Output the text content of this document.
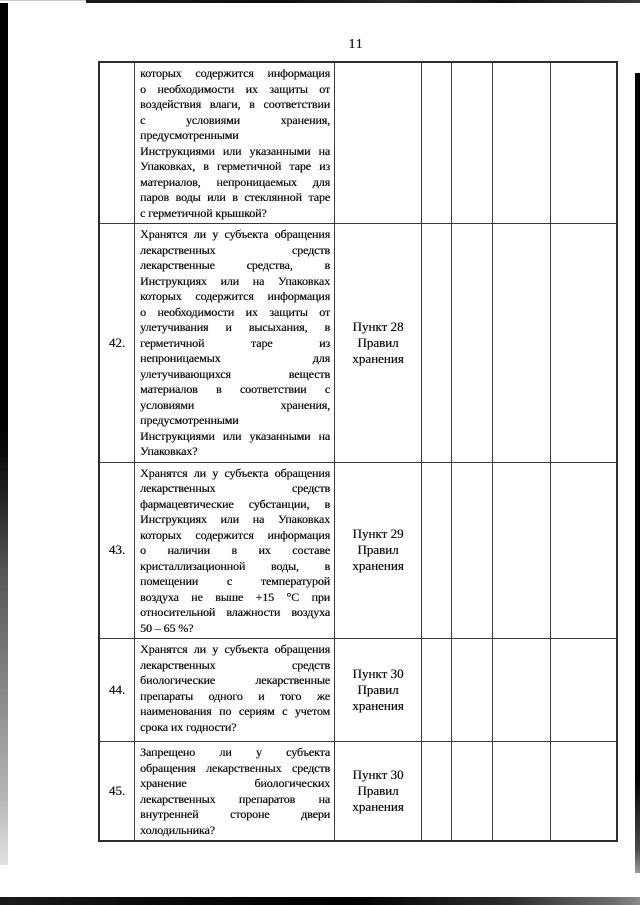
11
которых содержится информация
о необходимости их защиты от
воздействия влаги, в соответствии
с условиями хранения,
предусмотренными
Инструкциями или указанными на
Упаковках, в герметичной таре из
материалов, непроницаемых для
паров воды или в стеклянной таре
с герметичной крышкой?
42.
Хранятся ли у субъекта обращения
лекарственных средств
лекарственные средства, в
Инструкциях или на Упаковках
которых содержится информация
о необходимости их защиты от
улетучивания и высыхания, в
герметичной таре из
непроницаемых для
улетучивающихся веществ
материалов в соответствии с
условиями хранения,
предусмотренными
Инструкциями или указанными на
Упаковках?
Пункт 28
Правил
хранения
43.
Хранятся ли у субъекта обращения
лекарственных средств
фармацевтические субстанции, в
Инструкциях или на Упаковках
которых содержится информация
о наличии в их составе
кристаллизационной воды, в
помещении с температурой
воздуха не выше +15 °С при
относительной влажности воздуха
50 – 65 %?
Пункт 29
Правил
хранения
44.
Хранятся ли у субъекта обращения
лекарственных средств
биологические лекарственные
препараты одного и того же
наименования по сериям с учетом
срока их годности?
Пункт 30
Правил
хранения
45.
Запрещено ли у субъекта
обращения лекарственных средств
хранение биологических
лекарственных препаратов на
внутренней стороне двери
холодильника?
Пункт 30
Правил
хранения
